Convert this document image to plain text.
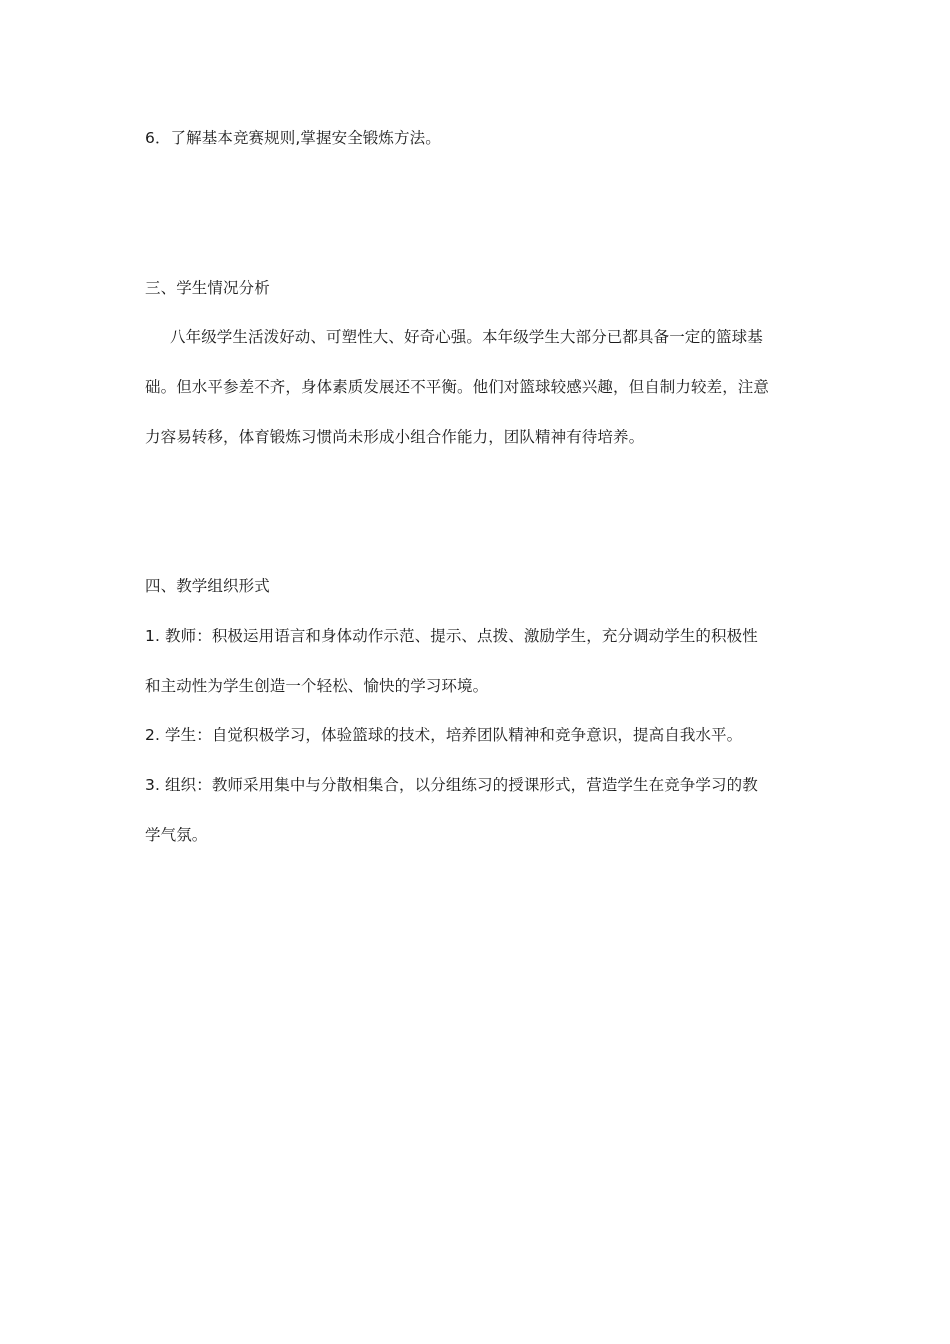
6．了解基本竞赛规则,掌握安全锻炼方法。
三、学生情况分析
八年级学生活泼好动、可塑性大、好奇心强。本年级学生大部分已都具备一定的篮球基
础。但水平参差不齐，身体素质发展还不平衡。他们对篮球较感兴趣，但自制力较差，注意
力容易转移，体育锻炼习惯尚未形成小组合作能力，团队精神有待培养。
四、教学组织形式
1. 教师：积极运用语言和身体动作示范、提示、点拨、激励学生，充分调动学生的积极性
和主动性为学生创造一个轻松、愉快的学习环境。
2. 学生：自觉积极学习，体验篮球的技术，培养团队精神和竞争意识，提高自我水平。
3. 组织：教师采用集中与分散相集合，以分组练习的授课形式，营造学生在竞争学习的教
学气氛。
